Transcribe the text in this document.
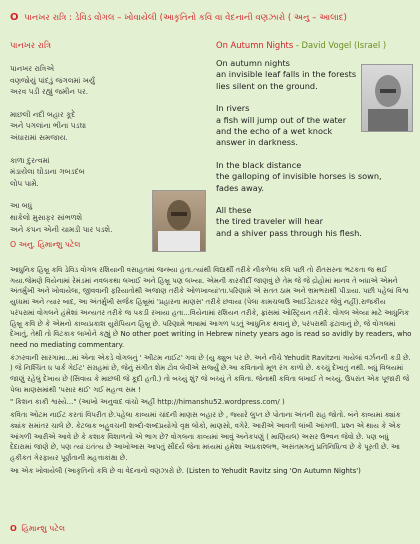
O પાનખર રાત્રિ : ડેવિડ વોગલ – ખોવાયેલી (આકૃતિનો કવિ વા વેદનાની વણઝારો ( અનુ – આલાદ)
પાનખર રાત્રિ
પાનખર રાત્રિએ
વણજોયું પાંદડું જંગલમાં ખર્યું
અરવ પડી રહ્યું જમીન પર.
માછલી નદી બહાર કૂદે
અને પગલાંના ભીના પડઘા
અંધારામાં સમજાય.
કાળા દુરત્વમાં
મંડાયેલા ઘોડાના ગબડદંબ
લોપ પામે.
આ બધું
થાકેલો મુસાફર સાંભળશે
અને કંપન એની ચામડી પાર પડશે.
O અનુ. હિમાન્શુ પટેલ
On Autumn Nights - David Vogel (Israel )
On autumn nights
an invisible leaf falls in the forests
lies silent on the ground.
In rivers
a fish will jump out of the water
and the echo of a wet knock
answer in darkness.
In the black distance
the galloping of invisible horses is sown,
fades away.
All these
the tired traveler will hear
and a shiver pass through his flesh.

આધુનિક હિબ્રૂ કવિ ડેવિડ વોગલ રશિયાની વસાહતમાં જન્મ્યા હતા.ત્યાંથી વિદ્યાર્થી તરીકે નીકળેલા કવિ પછી તો રીતસરના ભટકતા જ થઈ ગયા.જેમણે વિયેનામાં રેમંડમાં નવલકથા લખાઈ અને હિબ્રૂ પણ લખ્યા. એમની કારકીર્દી જાણવું છે તેમ જે જે દ્રોહોમાં માનવ તે બધાએ એમને અંતર્મુખી અને ખોવાયેલા, જીવવાની ફરિયાતોથી અજાણ તરીકે ઓળખાવ્યાં'તા.પરિણામે એ સતત ઠામ અને ભ્રમભરાથી પીડાયા. પછી પહેલાં વિશ્વ યુધ્ધમાં અને ત્યાર બાદ, આ અંતર્મુખી સર્જક હિબ્રૂમાં 'પ્રહારના માણસ' તરીકે છવાયા (પેલા કામચલાઉ આઈડેંટાક્ટર જેવું નહીં).રાજકીય પરંપરામાં વોગલને હંમેશાં અન્યતર તરીકે જ પકડી રખાયા હતા...વિયેનામાં રશિયન તરીકે, ફ્રાંસમાં ઓસ્ટ્રિયન તરીકે. વોગલ એવ્યા માટે આધુનિક હિબ્રૂ કવિ છે કે એમનો કાવ્યપ્રકાશ યુરોપિયન હિબ્રૂ છે. પરિણામે ભાષામાં આગળ પડતું આધુનિક થવાનું છે, પરંપરાથી ફંટાવાનું છે, જે વોગલમાં દેખાતું, તેથી તો વિટકાક લાખોને કહ્યું છે No other poet writing in Hebrew ninety years ago is read so avidly by readers, who need no mediating commentary.

કંઝરવાની સારગામા...માં એના એકડે વોગલનું ' અીટમ નાઈટ' ગવા છે (યુ ક્યુબ પર છે. અને નીચે Yehudit Ravitzના ગાયેલાં વર્ઝનની કડી છે. ) જે નિશ્ચિંત ધ પાર્ક ગેઈટ' સંગ્રહમાં છે, જેનું સંગીત શેમ ટોવ લેવીએ સર્જ્યું છે.આ કવિતાનો મૂળ રંગ કાળો છે. કચ્ચું દેખાતું નથી. બધું વિલયમાં જાણું રહેલું દેખાય છે (સિવાય કે માછલી જે કૂદી હતી.) તો બચ્યું શું? જે બચ્યું તે કવિતા. જેનાથી કવિતા લખાઈ તે બચ્યું. ઉપરાંત એક પૂજારી જે પેલા માણસમાંથી 'પસાર થઈ' ગઈ મહત્વ સમ !

" કિશન કાકી શ્વસ્યે..." (આખો અનુવાદ વાંચો અહીં http://himanshu52.wordpress.com/ )

કવિતા ઓટમ નાઈટ કરતાં વિપરીત છે.પહેલા કાવ્યમાં ચાંદની માણસ બહાર છે , જ્યારે લુપ્ત છે પોતાના અંતની રાહ જોતો. બંને કાવ્યમાં ક્યાંક ક્યાંક સમાંતર ચાલે છે. કેટલાક બહુવચની શબ્દો-શબ્દપ્રયોગો વૃક્ષ લોકો, માણસો, વગેરે. આરીએ આવતી લાંબી આંગળી. પ્રશ્ન એ થાય કે એક આંગળી આરીએ આવે છે કે કશાક વિશાળનો એ ભાગ છે? વોગલના કાવ્યમાં આવું અનેકપણું ( માણિયલ) અસર ઉભ્વન જેવો છે. પણ બધું દેદારામાં જાણે છે, પણ ત્યાં ઇતંત્ય છે આખોઆસ આપતું સૌંદર્ય જેના મધ્યમાં હમેશા અપ્રકાશ્લભ, અસંતમગનું પ્રતિનિધિત્વ છે કે પૂરતી છે. આ હકીકત ગેરફાયર પૂર્ણતાની મહત્તાકાંક્ષા છે.

આ એક ખોવાયેલી (આકૃતિનો કવિ છે વા વેદનાનો વણઝારો છે. (Listen to Yehudit Ravitz sing 'On Autumn Nights')

O હિમાન્શુ પટેલ
